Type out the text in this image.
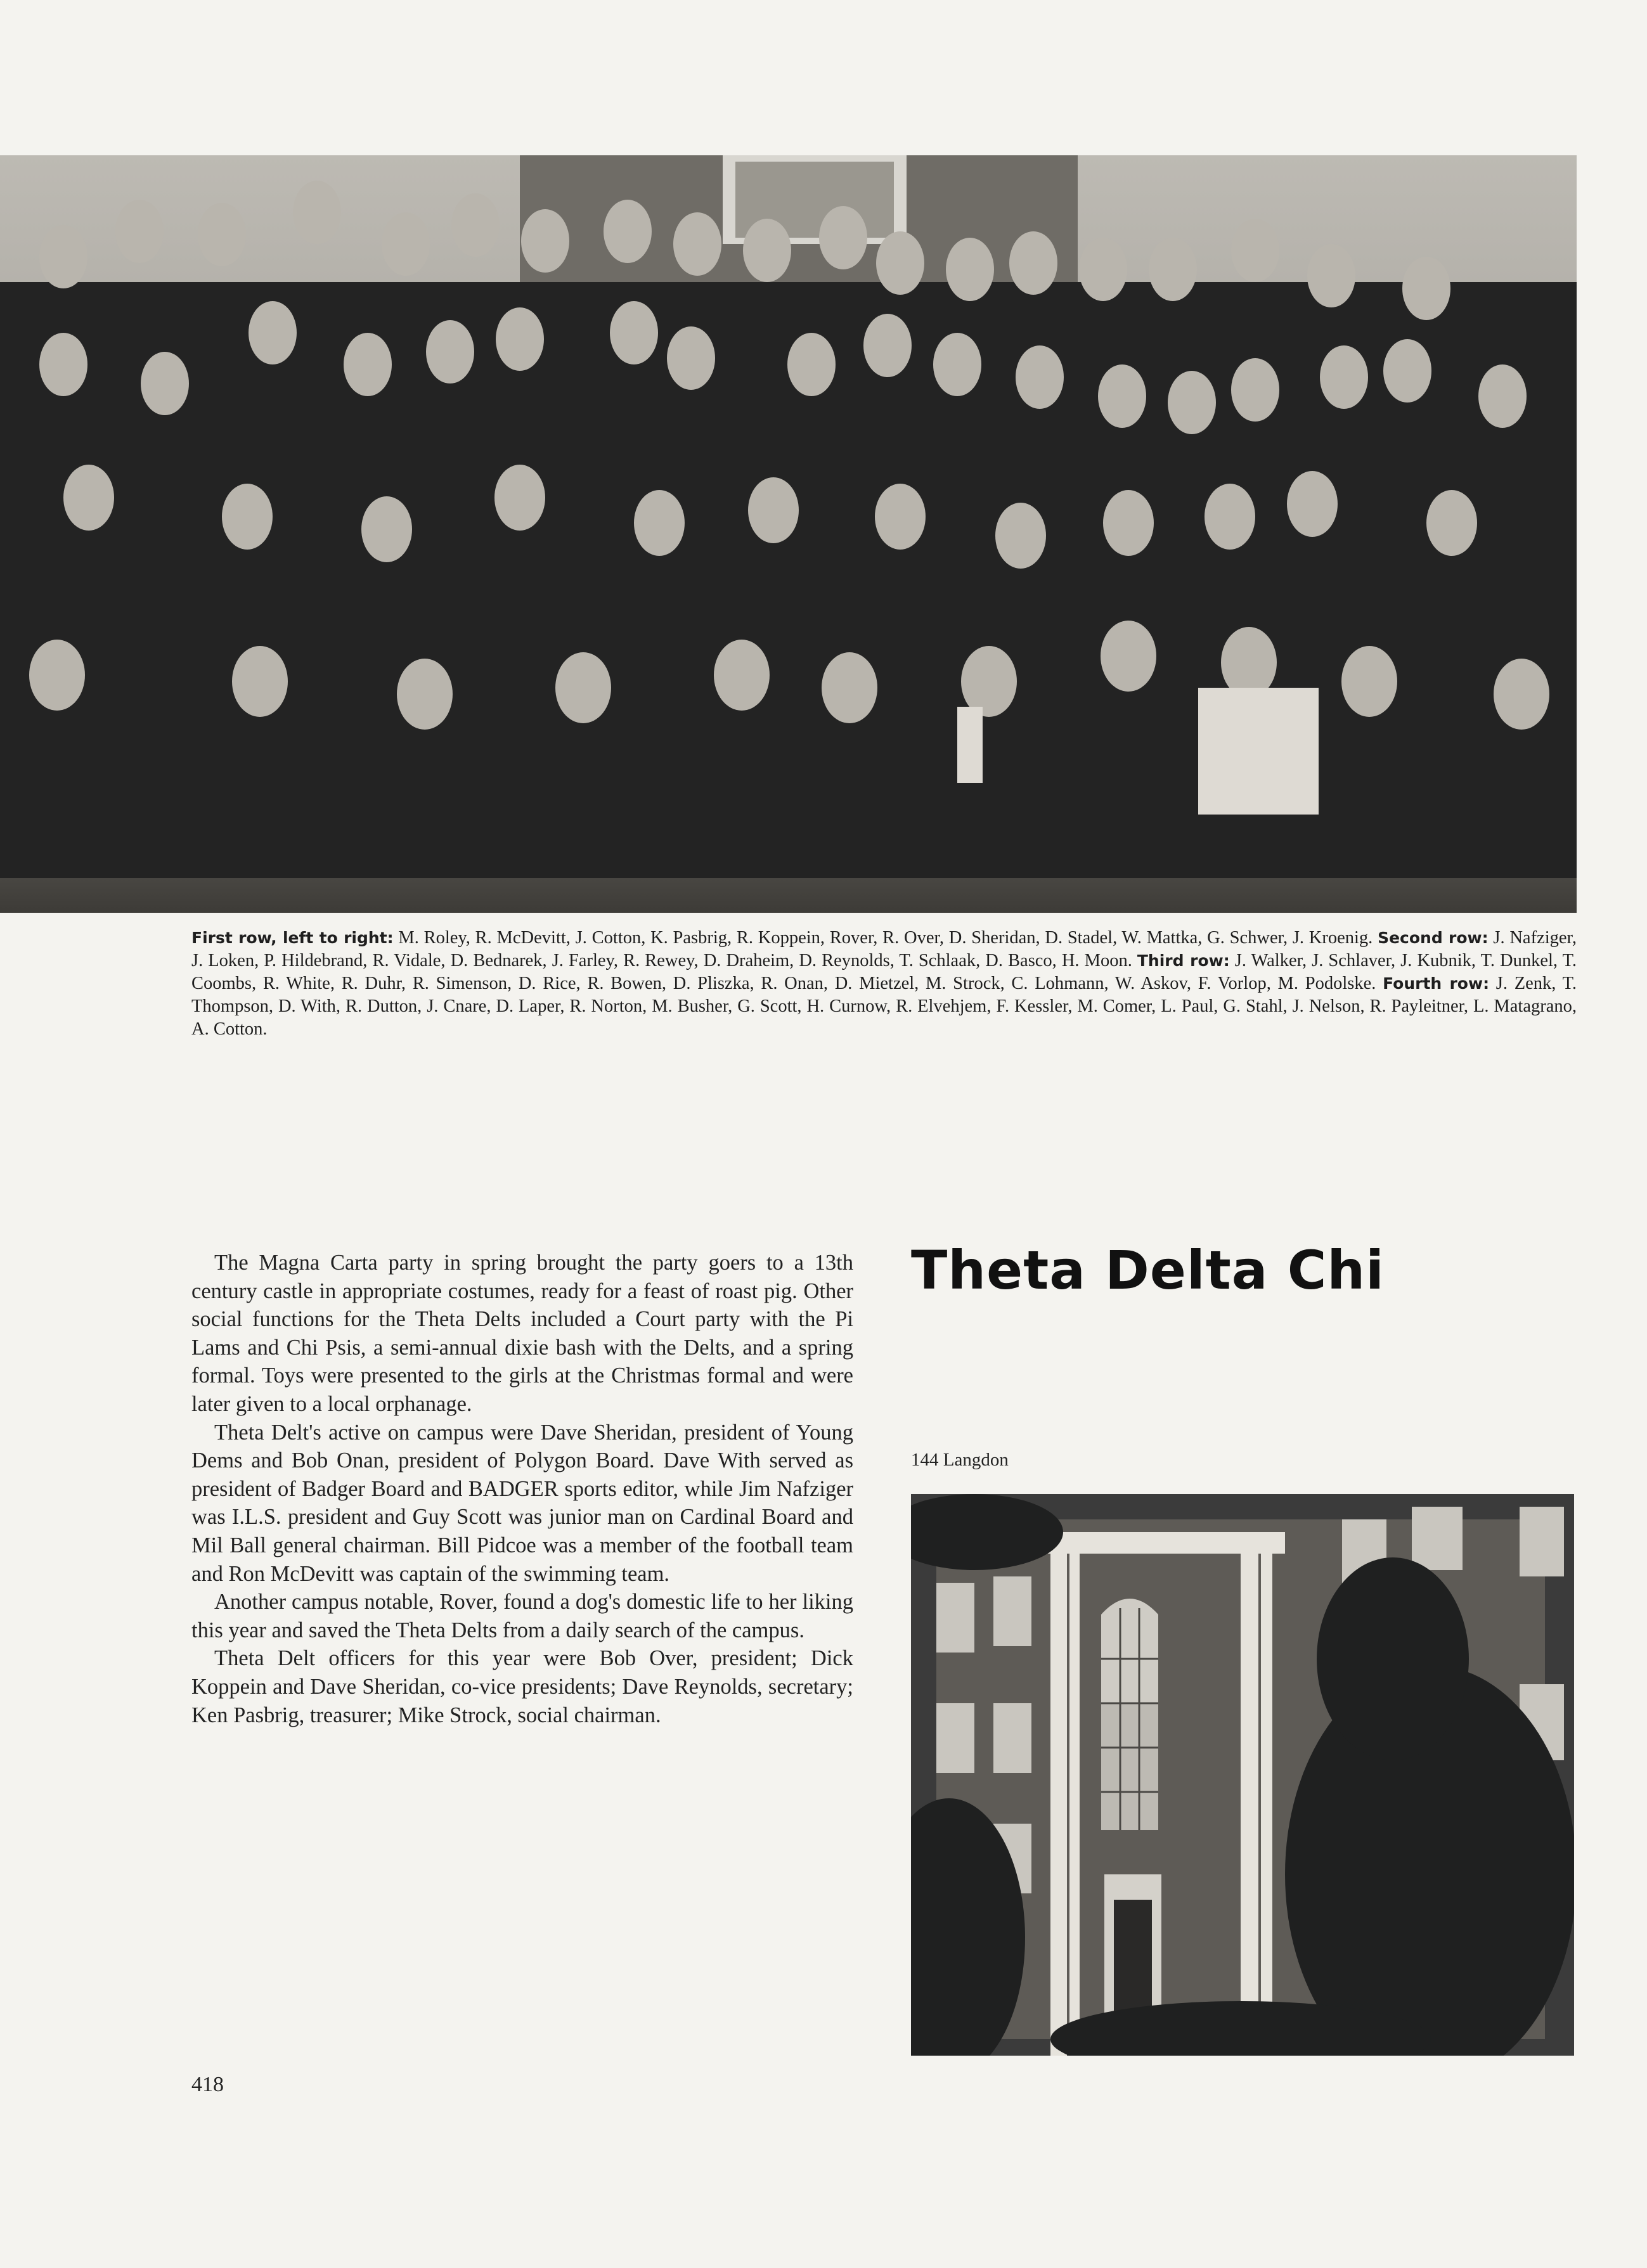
First row, left to right: M. Roley, R. McDevitt, J. Cotton, K. Pasbrig, R. Koppein, Rover, R. Over, D. Sheridan, D. Stadel, W. Mattka, G. Schwer, J. Kroenig. Second row: J. Nafziger, J. Loken, P. Hildebrand, R. Vidale, D. Bednarek, J. Farley, R. Rewey, D. Draheim, D. Reynolds, T. Schlaak, D. Basco, H. Moon. Third row: J. Walker, J. Schlaver, J. Kubnik, T. Dunkel, T. Coombs, R. White, R. Duhr, R. Simenson, D. Rice, R. Bowen, D. Pliszka, R. Onan, D. Mietzel, M. Strock, C. Lohmann, W. Askov, F. Vorlop, M. Podolske. Fourth row: J. Zenk, T. Thompson, D. With, R. Dutton, J. Cnare, D. Laper, R. Norton, M. Busher, G. Scott, H. Curnow, R. Elvehjem, F. Kessler, M. Comer, L. Paul, G. Stahl, J. Nelson, R. Payleitner, L. Matagrano, A. Cotton.

The Magna Carta party in spring brought the party goers to a 13th century castle in appropriate costumes, ready for a feast of roast pig. Other social functions for the Theta Delts included a Court party with the Pi Lams and Chi Psis, a semi-annual dixie bash with the Delts, and a spring formal. Toys were presented to the girls at the Christmas formal and were later given to a local orphanage.

Theta Delt's active on campus were Dave Sheridan, president of Young Dems and Bob Onan, president of Polygon Board. Dave With served as president of Badger Board and BADGER sports editor, while Jim Nafziger was I.L.S. president and Guy Scott was junior man on Cardinal Board and Mil Ball general chairman. Bill Pidcoe was a member of the football team and Ron McDevitt was captain of the swimming team.

Another campus notable, Rover, found a dog's domestic life to her liking this year and saved the Theta Delts from a daily search of the campus.

Theta Delt officers for this year were Bob Over, president; Dick Koppein and Dave Sheridan, co-vice presidents; Dave Reynolds, secretary; Ken Pasbrig, treasurer; Mike Strock, social chairman.

Theta Delta Chi
144 Langdon
418
